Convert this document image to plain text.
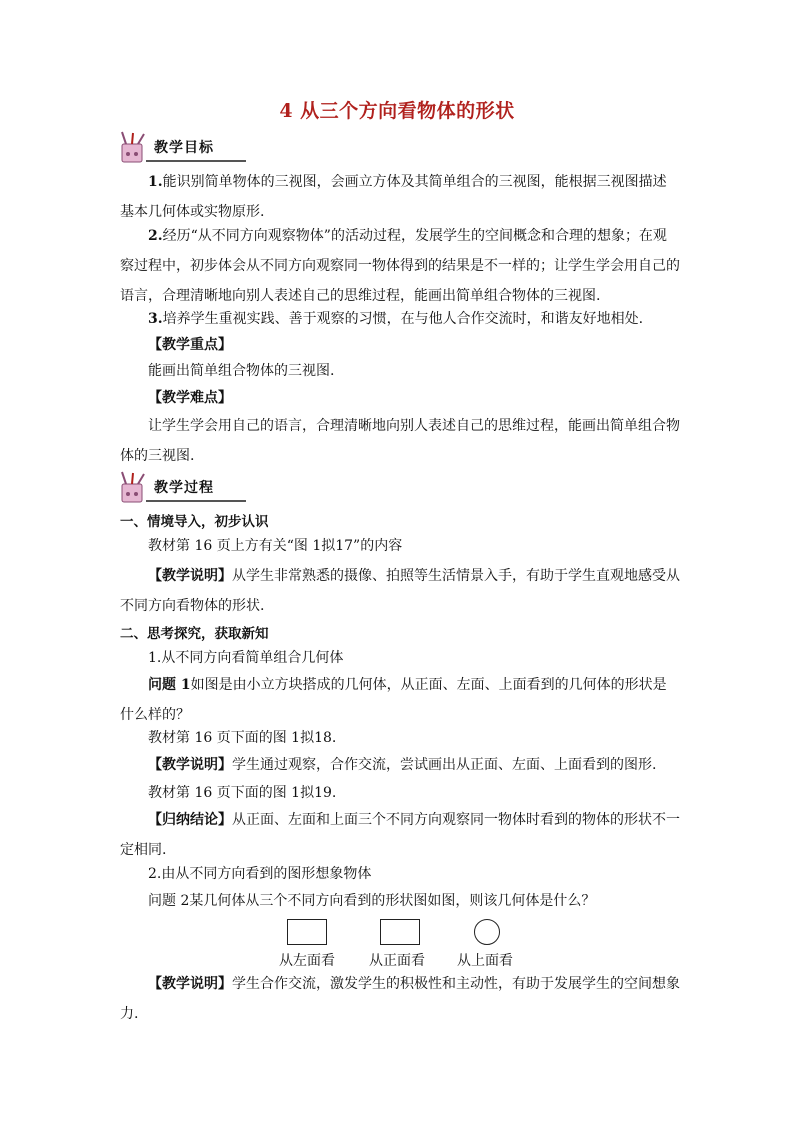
4 从三个方向看物体的形状
教学目标
1.能识别简单物体的三视图，会画立方体及其简单组合的三视图，能根据三视图描述基本几何体或实物原形.
2.经历“从不同方向观察物体”的活动过程，发展学生的空间概念和合理的想象；在观察过程中，初步体会从不同方向观察同一物体得到的结果是不一样的；让学生学会用自己的语言，合理清晰地向别人表述自己的思维过程，能画出简单组合物体的三视图.
3.培养学生重视实践、善于观察的习惯，在与他人合作交流时，和谐友好地相处.
【教学重点】
能画出简单组合物体的三视图.
【教学难点】
让学生学会用自己的语言，合理清晰地向别人表述自己的思维过程，能画出简单组合物体的三视图.
教学过程
一、情境导入，初步认识
教材第 16 页上方有关“图 1拟17”的内容
【教学说明】从学生非常熟悉的摄像、拍照等生活情景入手，有助于学生直观地感受从不同方向看物体的形状.
二、思考探究，获取新知
1.从不同方向看简单组合几何体
问题 1如图是由小立方块搭成的几何体，从正面、左面、上面看到的几何体的形状是什么样的？
教材第 16 页下面的图 1拟18.
【教学说明】学生通过观察，合作交流，尝试画出从正面、左面、上面看到的图形.
教材第 16 页下面的图 1拟19.
【归纳结论】从正面、左面和上面三个不同方向观察同一物体时看到的物体的形状不一定相同.
2.由从不同方向看到的图形想象物体
问题 2某几何体从三个不同方向看到的形状图如图，则该几何体是什么？
从左面看 从正面看 从上面看
【教学说明】学生合作交流，激发学生的积极性和主动性，有助于发展学生的空间想象力.
